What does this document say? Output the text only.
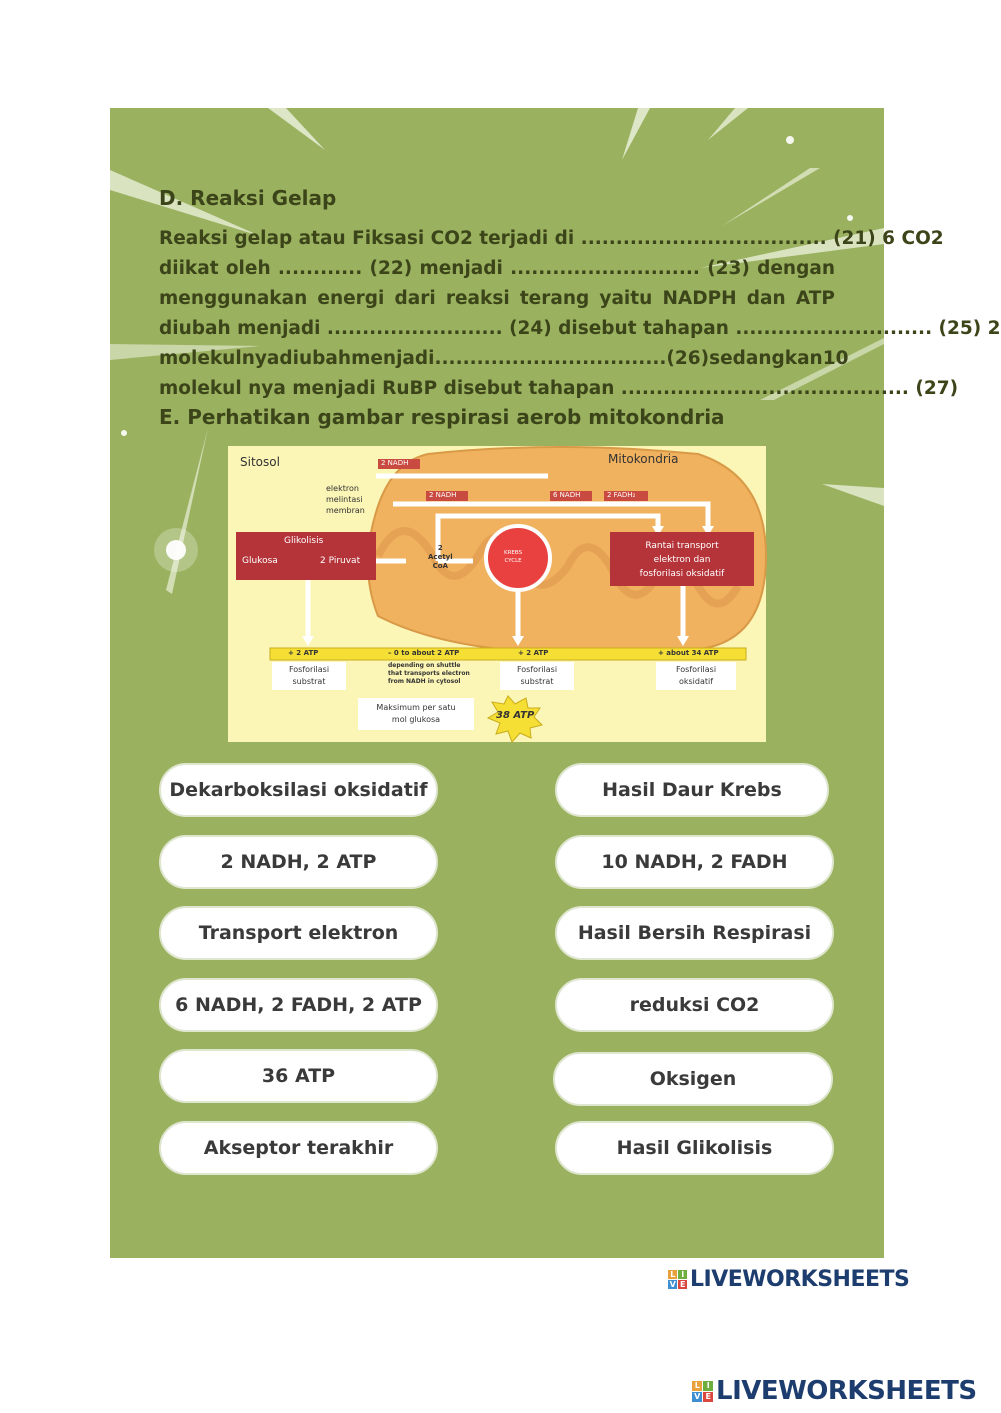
D. Reaksi Gelap
Reaksi gelap atau Fiksasi CO2 terjadi di ................................... (21) 6 CO2
diikat oleh ............ (22) menjadi ........................... (23) dengan
menggunakan energi dari reaksi terang yaitu NADPH dan ATP
diubah menjadi ......................... (24) disebut tahapan ............................ (25) 2
molekul nya diubah menjadi ................................. (26) sedangkan 10
molekul nya menjadi RuBP disebut tahapan ......................................... (27)
E. Perhatikan gambar respirasi aerob mitokondria
Sitosol	Mitokondria
2 NADH
elektron
melintasi
membran
2 NADH	6 NADH	2 FADH₂
Glikolisis
Glukosa	2 Piruvat
2
Acetyl
CoA
KREBS
CYCLE
Rantai transport
elektron dan
fosforilasi oksidatif
+ 2 ATP	– 0 to about 2 ATP	+ 2 ATP	+ about 34 ATP
Fosforilasi
substrat
depending on shuttle
that transports electron
from NADH in cytosol
Fosforilasi
substrat
Fosforilasi
oksidatif
Maksimum per satu
mol glukosa	38 ATP
Dekarboksilasi oksidatif
2 NADH, 2 ATP
Transport elektron
6 NADH, 2 FADH, 2 ATP
36 ATP
Akseptor terakhir
Hasil Daur Krebs
10 NADH, 2 FADH
Hasil Bersih Respirasi
reduksi CO2
Oksigen
Hasil Glikolisis
L I
V E LIVEWORKSHEETS
L I
V E LIVEWORKSHEETS
